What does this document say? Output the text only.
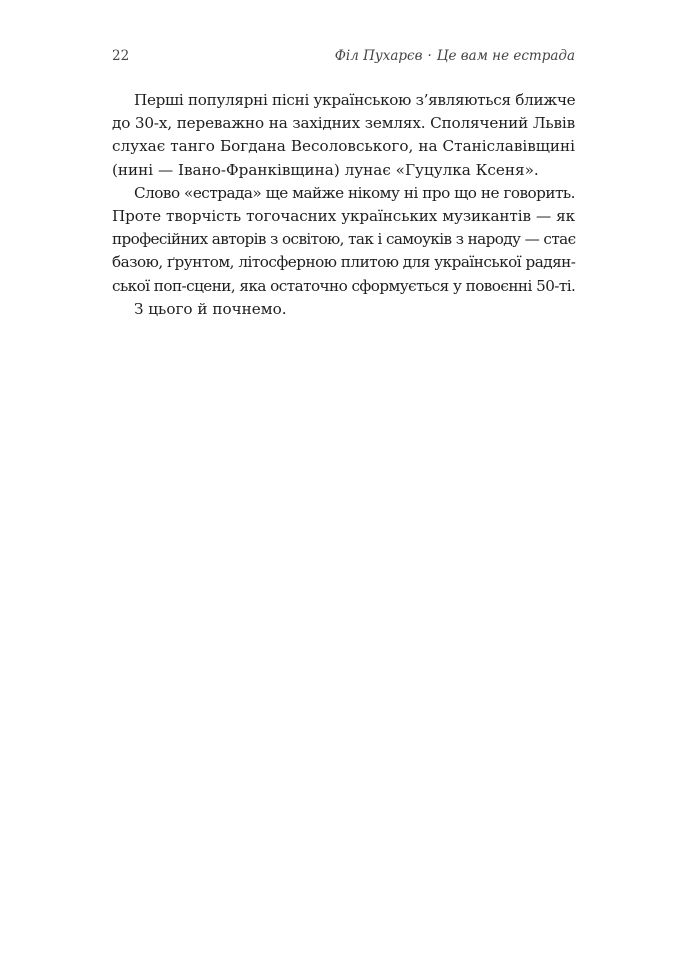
22	Філ Пухарєв · Це вам не естрада
Перші популярні пісні українською з’являються ближче
до 30-х, переважно на західних землях. Сполячений Львів
слухає танго Богдана Весоловського, на Станіславівщині
(нині — Івано-Франківщина) лунає «Гуцулка Ксеня».
Слово «естрада» ще майже нікому ні про що не говорить.
Проте творчість тогочасних українських музикантів — як
професійних авторів з освітою, так і самоуків з народу — стає
базою, ґрунтом, літосферною плитою для української радян-
ської поп-сцени, яка остаточно сформується у повоєнні 50-ті.
З цього й почнемо.
